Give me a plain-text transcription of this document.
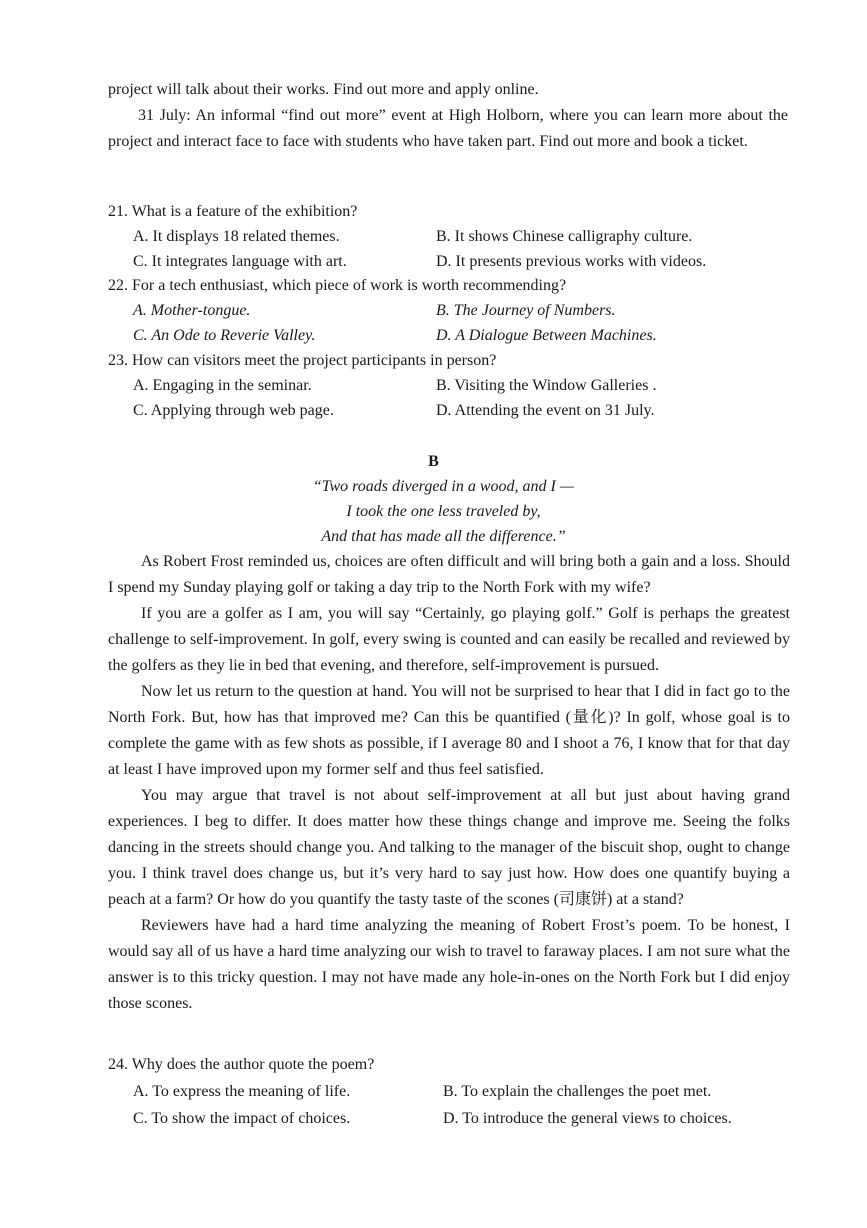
project will talk about their works. Find out more and apply online.

31 July: An informal “find out more” event at High Holborn, where you can learn more about the project and interact face to face with students who have taken part. Find out more and book a ticket.

21. What is a feature of the exhibition?

A. It displays 18 related themes.	B. It shows Chinese calligraphy culture.
C. It integrates language with art.	D. It presents previous works with videos.

22. For a tech enthusiast, which piece of work is worth recommending?

A. Mother-tongue.	B. The Journey of Numbers.
C. An Ode to Reverie Valley.	D. A Dialogue Between Machines.

23. How can visitors meet the project participants in person?

A. Engaging in the seminar.	B. Visiting the Window Galleries .
C. Applying through web page.	D. Attending the event on 31 July.
B
“Two roads diverged in a wood, and I —
I took the one less traveled by,
And that has made all the difference.”

As Robert Frost reminded us, choices are often difficult and will bring both a gain and a loss. Should I spend my Sunday playing golf or taking a day trip to the North Fork with my wife?

If you are a golfer as I am, you will say “Certainly, go playing golf.” Golf is perhaps the greatest challenge to self-improvement. In golf, every swing is counted and can easily be recalled and reviewed by the golfers as they lie in bed that evening, and therefore, self-improvement is pursued.

Now let us return to the question at hand. You will not be surprised to hear that I did in fact go to the North Fork. But, how has that improved me? Can this be quantified (量化)? In golf, whose goal is to complete the game with as few shots as possible, if I average 80 and I shoot a 76, I know that for that day at least I have improved upon my former self and thus feel satisfied.

You may argue that travel is not about self-improvement at all but just about having grand experiences. I beg to differ. It does matter how these things change and improve me. Seeing the folks dancing in the streets should change you. And talking to the manager of the biscuit shop, ought to change you. I think travel does change us, but it’s very hard to say just how. How does one quantify buying a peach at a farm? Or how do you quantify the tasty taste of the scones (司康饼) at a stand?

Reviewers have had a hard time analyzing the meaning of Robert Frost’s poem. To be honest, I would say all of us have a hard time analyzing our wish to travel to faraway places. I am not sure what the answer is to this tricky question. I may not have made any hole-in-ones on the North Fork but I did enjoy those scones.

24. Why does the author quote the poem?

A. To express the meaning of life.	B. To explain the challenges the poet met.
C. To show the impact of choices.	D. To introduce the general views to choices.
